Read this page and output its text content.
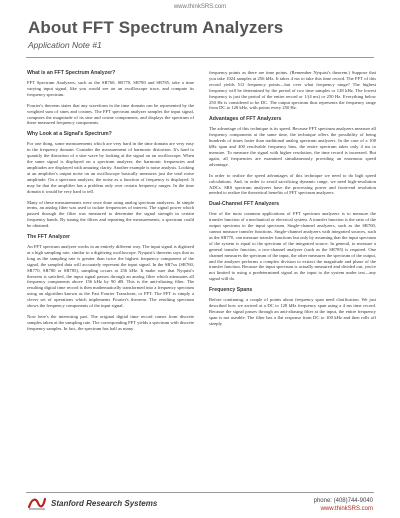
www.thinkSRS.com
About FFT Spectrum Analyzers
Application Note #1
What is an FFT Spectrum Analyzer?

FFT Spectrum Analyzers, such as the SR760, SR770, SR780 and SR785, take a time varying input signal, like you would see on an oscilloscope trace, and compute its frequency spectrum.

Fourier's theorem states that any waveform in the time domain can be represented by the weighted sum of sines and cosines. The FFT spectrum analyzer samples the input signal, computes the magnitude of its sine and cosine components, and displays the spectrum of these measured frequency components.

Why Look at a Signal's Spectrum?

For one thing, some measurements which are very hard in the time domain are very easy in the frequency domain. Consider the measurement of harmonic distortion. It's hard to quantify the distortion of a sine wave by looking at the signal on an oscilloscope. When the same signal is displayed on a spectrum analyzer, the harmonic frequencies and amplitudes are displayed with amazing clarity. Another example is noise analysis. Looking at an amplifier's output noise on an oscilloscope basically measures just the total noise amplitude. On a spectrum analyzer, the noise as a function of frequency is displayed. It may be that the amplifier has a problem only over certain frequency ranges. In the time domain it would be very hard to tell.

Many of these measurements were once done using analog spectrum analyzers. In simple terms, an analog filter was used to isolate frequencies of interest. The signal power which passed through the filter was measured to determine the signal strength in certain frequency bands. By tuning the filters and repeating the measurements, a spectrum could be obtained.

The FFT Analyzer

An FFT spectrum analyzer works in an entirely different way. The input signal is digitized at a high sampling rate, similar to a digitizing oscilloscope. Nyquist's theorem says that as long as the sampling rate is greater than twice the highest frequency component of the signal, the sampled data will accurately represent the input signal. In the SR7xx (SR760, SR770, SR780 or SR785), sampling occurs at 256 kHz. It make sure that Nyquist's theorem is satisfied, the input signal passes through an analog filter which attenuates all frequency components above 156 kHz by 90 dB. This is the anti-aliasing filter. The resulting digital time record is then mathematically transformed into a frequency spectrum using an algorithm known as the Fast Fourier Transform, or FFT. The FFT is simply a clever set of operations which implements Fourier's theorem. The resulting spectrum shows the frequency components of the input signal.

Now here's the interesting part. The original digital time record comes from discrete samples taken at the sampling rate. The corresponding FFT yields a spectrum with discrete frequency samples. In fact, the spectrum has half as many

frequency points as there are time points. (Remember Nyquist's theorem.) Suppose that you take 1024 samples at 256 kHz. It takes 4 ms to take this time record. The FFT of this record yields 512 frequency points—but over what frequency range? The highest frequency will be determined by the period of two time samples or 128 kHz. The lowest frequency is just the period of the entire record or 1/(4 ms) or 250 Hz. Everything below 250 Hz is considered to be DC. The output spectrum thus represents the frequency range from DC to 128 kHz, with points every 250 Hz.

Advantages of FFT Analyzers

The advantage of this technique is its speed. Because FFT spectrum analyzers measure all frequency components at the same time, the technique offers the possibility of being hundreds of times faster than traditional analog spectrum analyzers. In the case of a 100 kHz span and 400 resolvable frequency bins, the entire spectrum takes only 4 ms to measure. To measure the signal with higher resolution, the time record is increased. But again, all frequencies are examined simultaneously providing an enormous speed advantage.

In order to realize the speed advantages of this technique we need to do high speed calculations. And, in order to avoid sacrificing dynamic range, we need high-resolution ADCs. SRS spectrum analyzers have the processing power and front-end resolution needed to realize the theoretical benefits of FFT spectrum analyzers.

Dual-Channel FFT Analyzers

One of the most common applications of FFT spectrum analyzers is to measure the transfer function of a mechanical or electrical system. A transfer function is the ratio of the output spectrum to the input spectrum. Single-channel analyzers, such as the SR760, cannot measure transfer functions. Single-channel analyzers with integrated sources, such as the SR770, can measure transfer functions but only by assuming that the input spectrum of the system is equal to the spectrum of the integrated source. In general, to measure a general transfer function, a two-channel analyzer (such as the SR785) is required. One channel measures the spectrum of the input, the other measures the spectrum of the output, and the analyzer performs a complex division to extract the magnitude and phase of the transfer function. Because the input spectrum is actually measured and divided out, you're not limited to using a predetermined signal as the input to the system under test—any signal will do.

Frequency Spans

Before continuing, a couple of points about frequency span need clarification. We just described how we arrived at a DC to 128 kHz frequency span using a 4 ms time record. Because the signal passes through an anti-aliasing filter at the input, the entire frequency span is not useable. The filter has a flat response from DC to 100 kHz and then rolls off steeply

Stanford Research Systems	phone: (408)744-9040
www.thinkSRS.com
